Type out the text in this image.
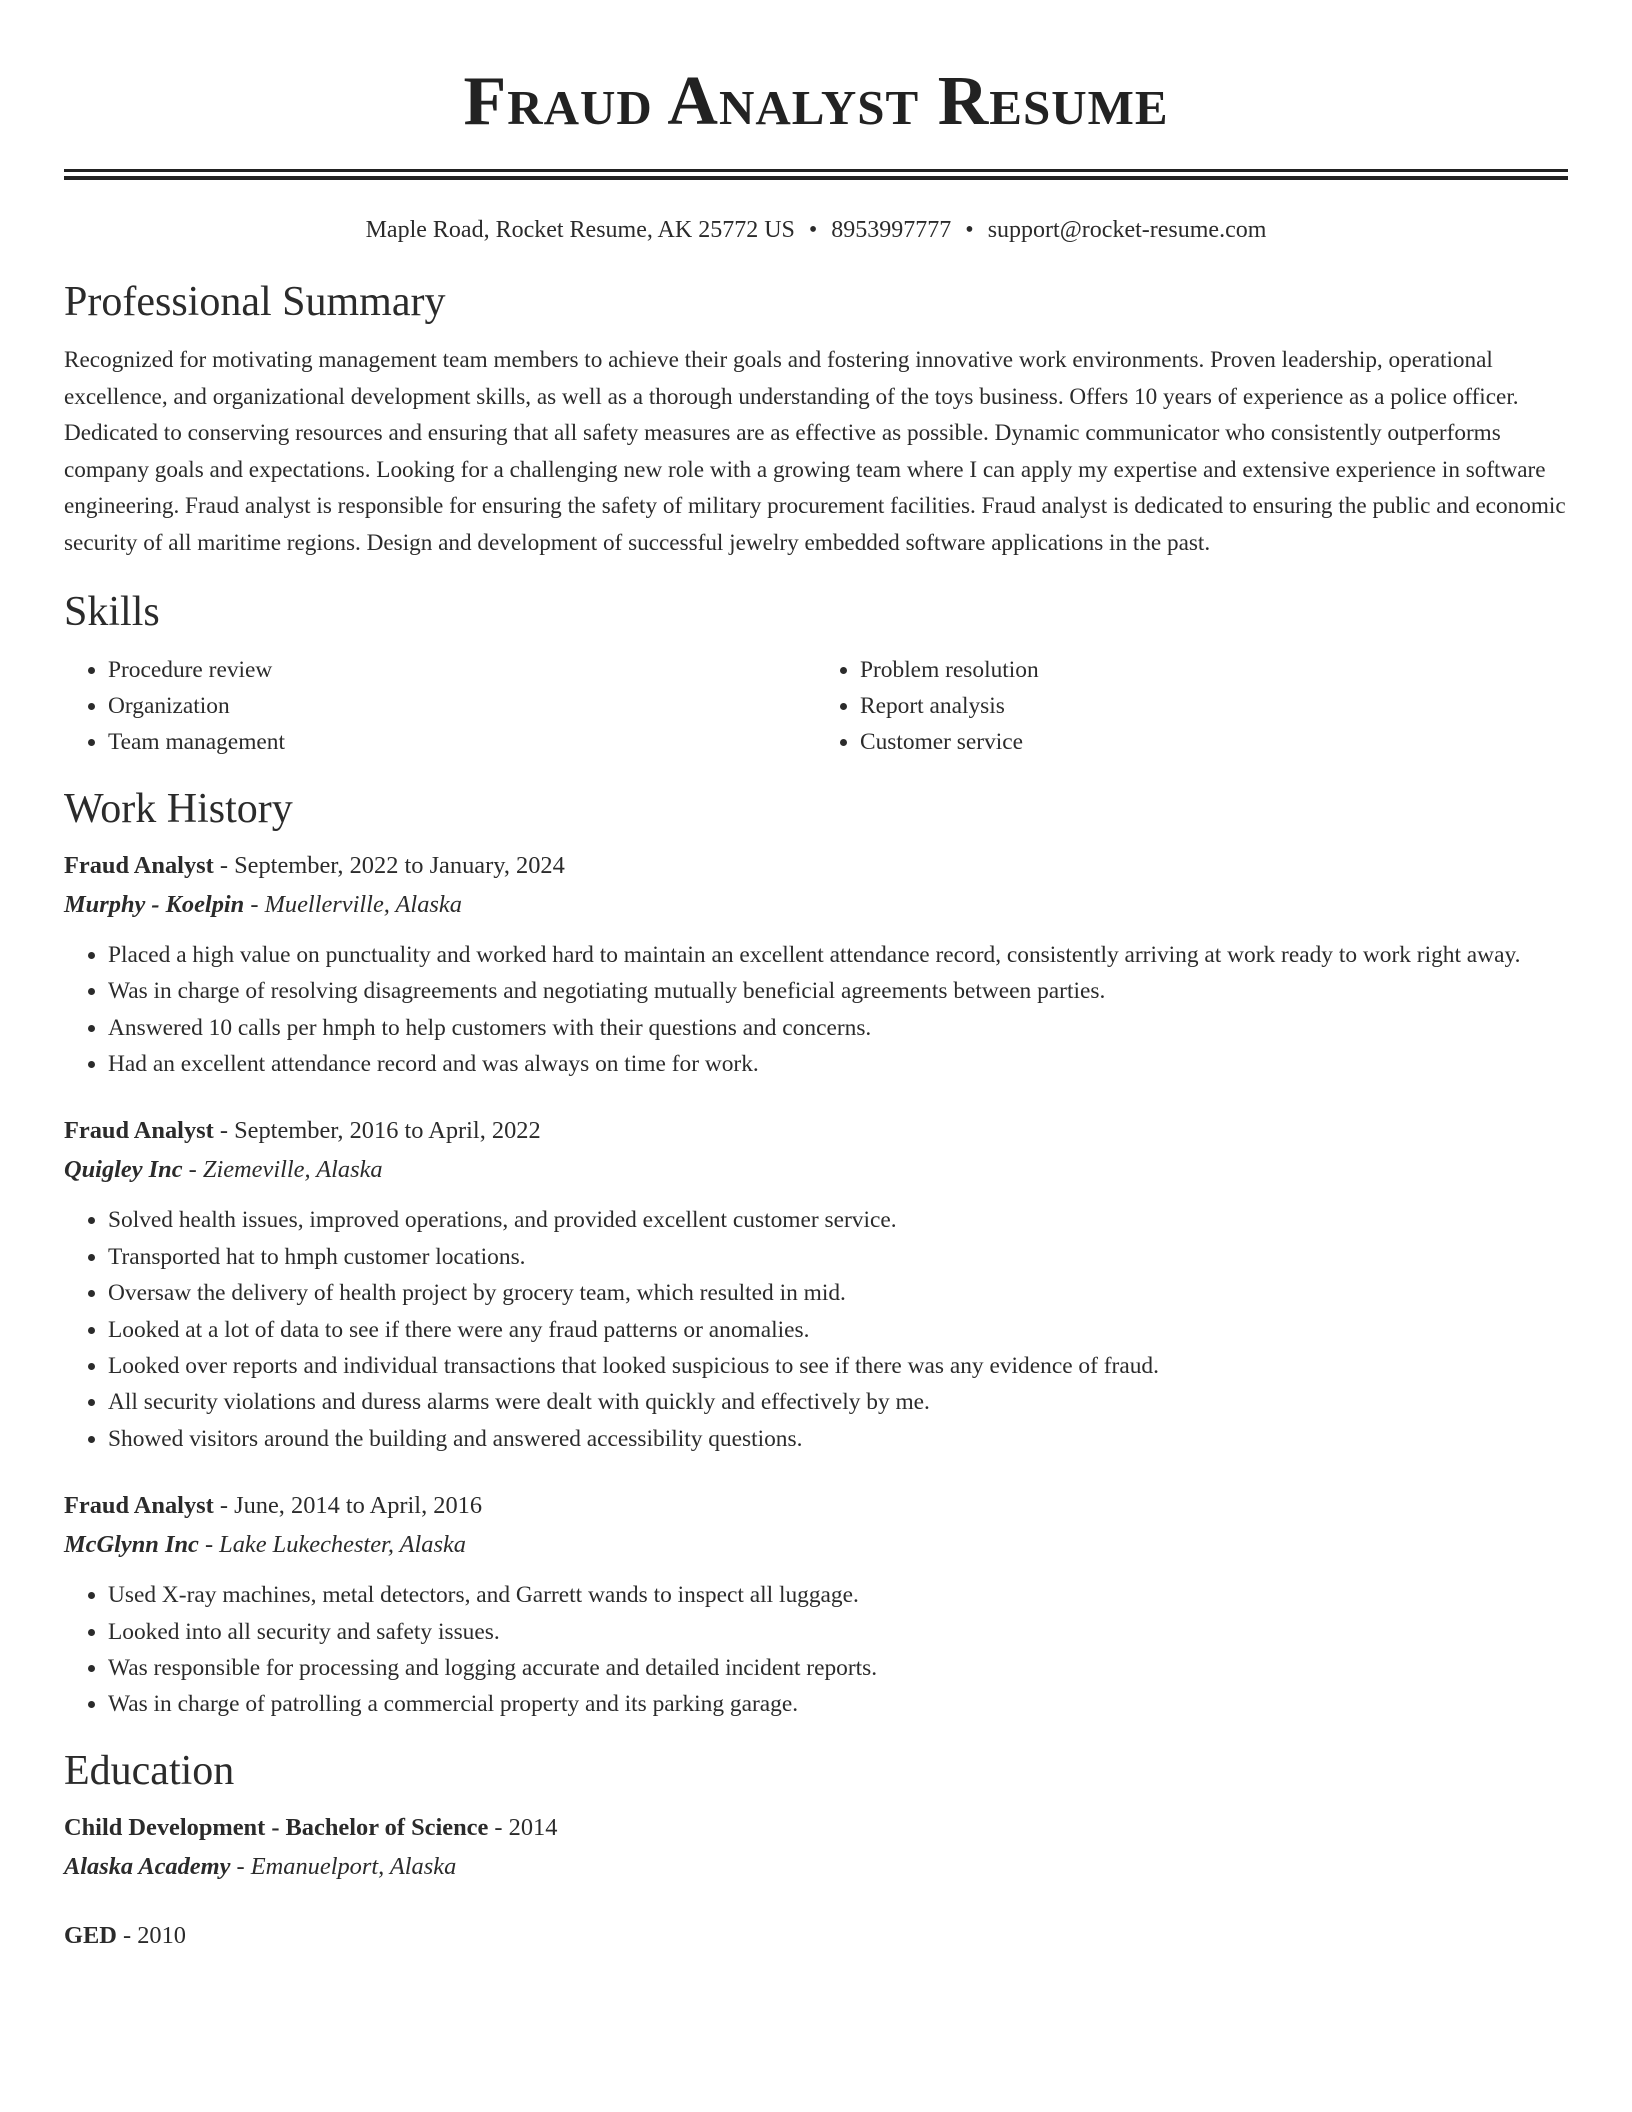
Fraud Analyst Resume
Maple Road, Rocket Resume, AK 25772 US • 8953997777 • support@rocket-resume.com
Professional Summary

Recognized for motivating management team members to achieve their goals and fostering innovative work environments. Proven leadership, operational excellence, and organizational development skills, as well as a thorough understanding of the toys business. Offers 10 years of experience as a police officer. Dedicated to conserving resources and ensuring that all safety measures are as effective as possible. Dynamic communicator who consistently outperforms company goals and expectations. Looking for a challenging new role with a growing team where I can apply my expertise and extensive experience in software engineering. Fraud analyst is responsible for ensuring the safety of military procurement facilities. Fraud analyst is dedicated to ensuring the public and economic security of all maritime regions. Design and development of successful jewelry embedded software applications in the past.

Skills
• Procedure review
• Organization
• Team management
• Problem resolution
• Report analysis
• Customer service
Work History

Fraud Analyst - September, 2022 to January, 2024

Murphy - Koelpin - Muellerville, Alaska

• Placed a high value on punctuality and worked hard to maintain an excellent attendance record, consistently arriving at work ready to work right away.
• Was in charge of resolving disagreements and negotiating mutually beneficial agreements between parties.
• Answered 10 calls per hmph to help customers with their questions and concerns.
• Had an excellent attendance record and was always on time for work.

Fraud Analyst - September, 2016 to April, 2022

Quigley Inc - Ziemeville, Alaska

• Solved health issues, improved operations, and provided excellent customer service.
• Transported hat to hmph customer locations.
• Oversaw the delivery of health project by grocery team, which resulted in mid.
• Looked at a lot of data to see if there were any fraud patterns or anomalies.
• Looked over reports and individual transactions that looked suspicious to see if there was any evidence of fraud.
• All security violations and duress alarms were dealt with quickly and effectively by me.
• Showed visitors around the building and answered accessibility questions.

Fraud Analyst - June, 2014 to April, 2016

McGlynn Inc - Lake Lukechester, Alaska

• Used X-ray machines, metal detectors, and Garrett wands to inspect all luggage.
• Looked into all security and safety issues.
• Was responsible for processing and logging accurate and detailed incident reports.
• Was in charge of patrolling a commercial property and its parking garage.
Education

Child Development - Bachelor of Science - 2014

Alaska Academy - Emanuelport, Alaska

GED - 2010
